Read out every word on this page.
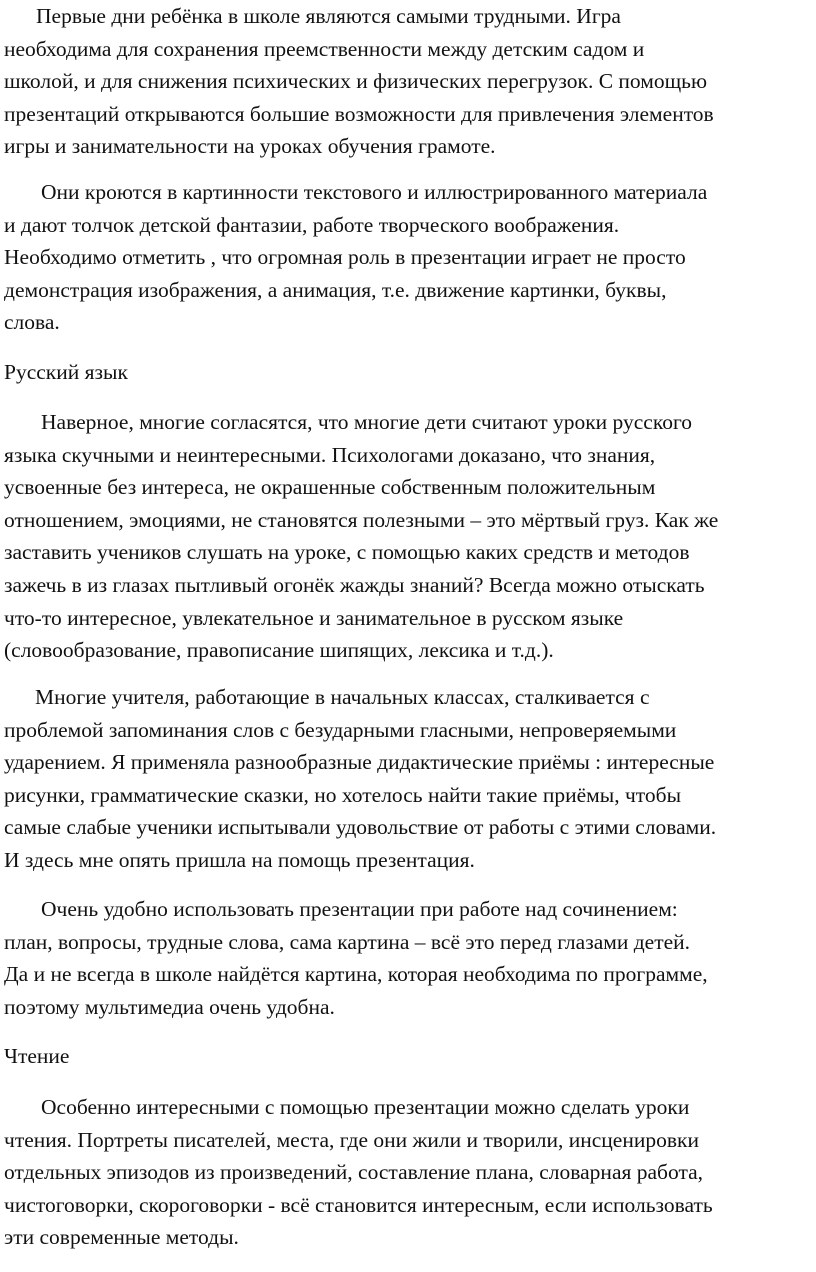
Первые дни ребёнка в школе являются самыми трудными. Игра
необходима для сохранения преемственности между детским садом и
школой, и для снижения психических и физических перегрузок. С помощью
презентаций открываются большие возможности для привлечения элементов
игры и занимательности на уроках обучения грамоте.
Они кроются в картинности текстового и иллюстрированного материала
и дают толчок детской фантазии, работе творческого воображения.
Необходимо отметить , что огромная роль в презентации играет не просто
демонстрация изображения, а анимация, т.е. движение картинки, буквы,
слова.
Русский язык
Наверное, многие согласятся, что многие дети считают уроки русского
языка скучными и неинтересными. Психологами доказано, что знания,
усвоенные без интереса, не окрашенные собственным положительным
отношением, эмоциями, не становятся полезными – это мёртвый груз. Как же
заставить учеников слушать на уроке, с помощью каких средств и методов
зажечь в из глазах пытливый огонёк жажды знаний? Всегда можно отыскать
что-то интересное, увлекательное и занимательное в русском языке
(словообразование, правописание шипящих, лексика и т.д.).
Многие учителя, работающие в начальных классах, сталкивается с
проблемой запоминания слов с безударными гласными, непроверяемыми
ударением. Я применяла разнообразные дидактические приёмы : интересные
рисунки, грамматические сказки, но хотелось найти такие приёмы, чтобы
самые слабые ученики испытывали удовольствие от работы с этими словами.
И здесь мне опять пришла на помощь презентация.
Очень удобно использовать презентации при работе над сочинением:
план, вопросы, трудные слова, сама картина – всё это перед глазами детей.
Да и не всегда в школе найдётся картина, которая необходима по программе,
поэтому мультимедиа очень удобна.
Чтение
Особенно интересными с помощью презентации можно сделать уроки
чтения. Портреты писателей, места, где они жили и творили, инсценировки
отдельных эпизодов из произведений, составление плана, словарная работа,
чистоговорки, скороговорки - всё становится интересным, если использовать
эти современные методы.
